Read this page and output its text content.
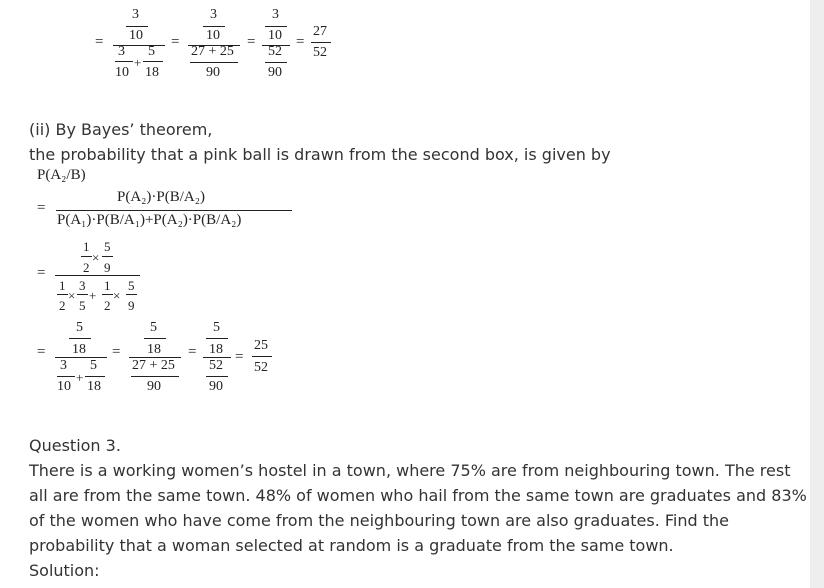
=
3
10
3 5
+
10 18
=
3
10
27 + 25
90
=
3
10
52
90
=
27
52
(ii) By Bayes’ theorem,
the probability that a pink ball is drawn from the second box, is given by
P(A₂/B)
=
P(A₂)·P(B/A₂)
P(A₁)·P(B/A₁)+P(A₂)·P(B/A₂)
=
1
2
×
5
9
1
2
×
3
5
+
1
2
×
5
9
=
5
18
3 5
+
10 18
=
5
18
27 + 25
90
=
5
18
52
90
=
25
52
Question 3.
There is a working women’s hostel in a town, where 75% are from neighbouring town. The rest
all are from the same town. 48% of women who hail from the same town are graduates and 83%
of the women who have come from the neighbouring town are also graduates. Find the
probability that a woman selected at random is a graduate from the same town.
Solution:
